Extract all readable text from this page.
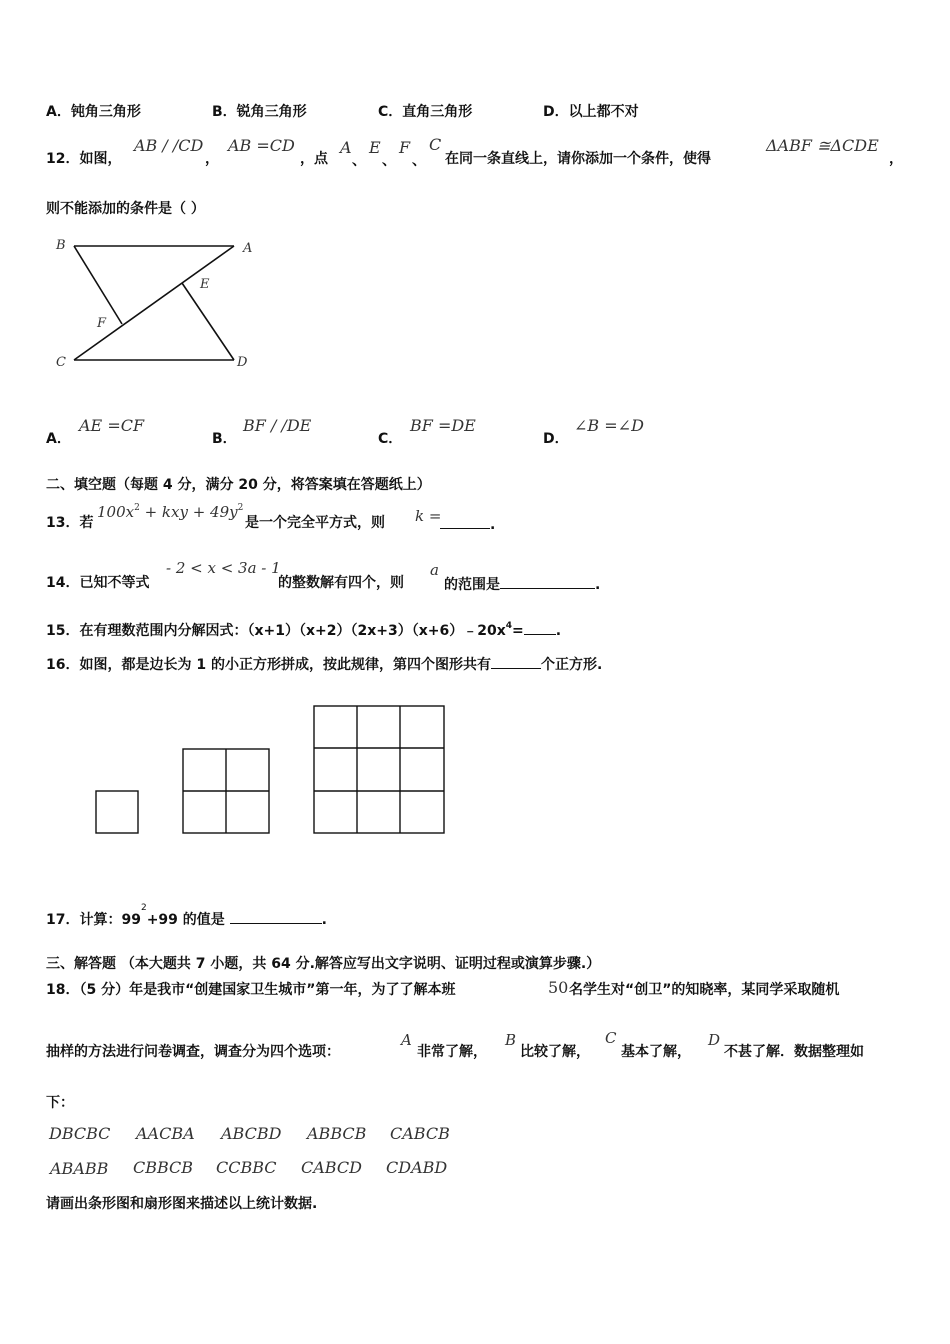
A．钝角三角形	B．锐角三角形	C．直角三角形	D．以上都不对
12．如图，
AB / /CD
，
AB =CD
，点
A
、
E
、
F
、
C
在同一条直线上，请你添加一个条件，使得
ΔABF ≅ΔCDE
，
则不能添加的条件是（ ）
B	A
E
F
C	D
A．
AE =CF
B．
BF / /DE
C．
BF =DE
D．
∠B =∠D
二、填空题（每题 4 分，满分 20 分，将答案填在答题纸上）
13．若
$100x^2$ + kxy + $49y^2$
是一个完全平方式，则 k =	.
14．已知不等式
- 2 < x < 3a - 1
的整数解有四个，则
a
的范围是	.
15．在有理数范围内分解因式：$(x+1)(x+2)(2x+3)(x+6)﹣20x^4=$ .
16．如图，都是边长为 1 的小正方形拼成，按此规律，第四个图形共有	个正方形.
17．计算：$99^2+99$ 的值是	.
三、解答题 （本大题共 7 小题，共 64 分.解答应写出文字说明、证明过程或演算步骤.）
18．（5 分）年是我市“创建国家卫生城市”第一年，为了了解本班	50 名学生对“创卫”的知晓率，某同学采取随机
抽样的方法进行问卷调查，调查分为四个选项：
A
非常了解，
B
比较了解，
C
基本了解，
D
不甚了解．数据整理如
下：
DBCBC AACBA ABCBD ABBCB CABCB
ABABB CBBCB CCBBC CABCD CDABD
请画出条形图和扇形图来描述以上统计数据.
